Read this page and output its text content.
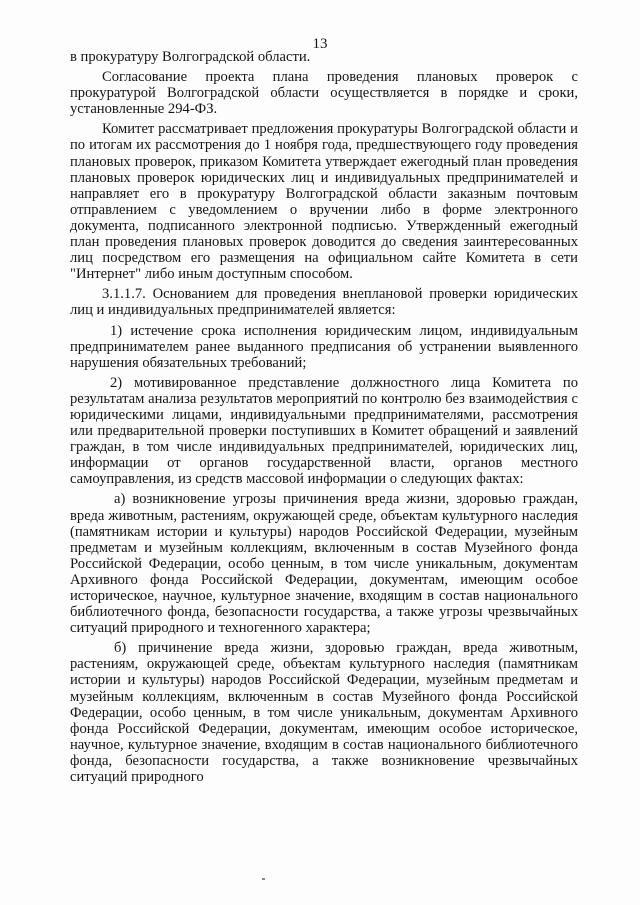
13

в прокуратуру Волгоградской области.

Согласование проекта плана проведения плановых проверок с прокуратурой Волгоградской области осуществляется в порядке и сроки, установленные 294-ФЗ.

Комитет рассматривает предложения прокуратуры Волгоградской области и по итогам их рассмотрения до 1 ноября года, предшествующего году проведения плановых проверок, приказом Комитета утверждает ежегодный план проведения плановых проверок юридических лиц и индивидуальных предпринимателей и направляет его в прокуратуру Волгоградской области заказным почтовым отправлением с уведомлением о вручении либо в форме электронного документа, подписанного электронной подписью. Утвержденный ежегодный план проведения плановых проверок доводится до сведения заинтересованных лиц посредством его размещения на официальном сайте Комитета в сети "Интернет" либо иным доступным способом.

3.1.1.7. Основанием для проведения внеплановой проверки юридических лиц и индивидуальных предпринимателей является:

1) истечение срока исполнения юридическим лицом, индивидуальным предпринимателем ранее выданного предписания об устранении выявленного нарушения обязательных требований;

2) мотивированное представление должностного лица Комитета по результатам анализа результатов мероприятий по контролю без взаимодействия с юридическими лицами, индивидуальными предпринимателями, рассмотрения или предварительной проверки поступивших в Комитет обращений и заявлений граждан, в том числе индивидуальных предпринимателей, юридических лиц, информации от органов государственной власти, органов местного самоуправления, из средств массовой информации о следующих фактах:

а) возникновение угрозы причинения вреда жизни, здоровью граждан, вреда животным, растениям, окружающей среде, объектам культурного наследия (памятникам истории и культуры) народов Российской Федерации, музейным предметам и музейным коллекциям, включенным в состав Музейного фонда Российской Федерации, особо ценным, в том числе уникальным, документам Архивного фонда Российской Федерации, документам, имеющим особое историческое, научное, культурное значение, входящим в состав национального библиотечного фонда, безопасности государства, а также угрозы чрезвычайных ситуаций природного и техногенного характера;

б) причинение вреда жизни, здоровью граждан, вреда животным, растениям, окружающей среде, объектам культурного наследия (памятникам истории и культуры) народов Российской Федерации, музейным предметам и музейным коллекциям, включенным в состав Музейного фонда Российской Федерации, особо ценным, в том числе уникальным, документам Архивного фонда Российской Федерации, документам, имеющим особое историческое, научное, культурное значение, входящим в состав национального библиотечного фонда, безопасности государства, а также возникновение чрезвычайных ситуаций природного
